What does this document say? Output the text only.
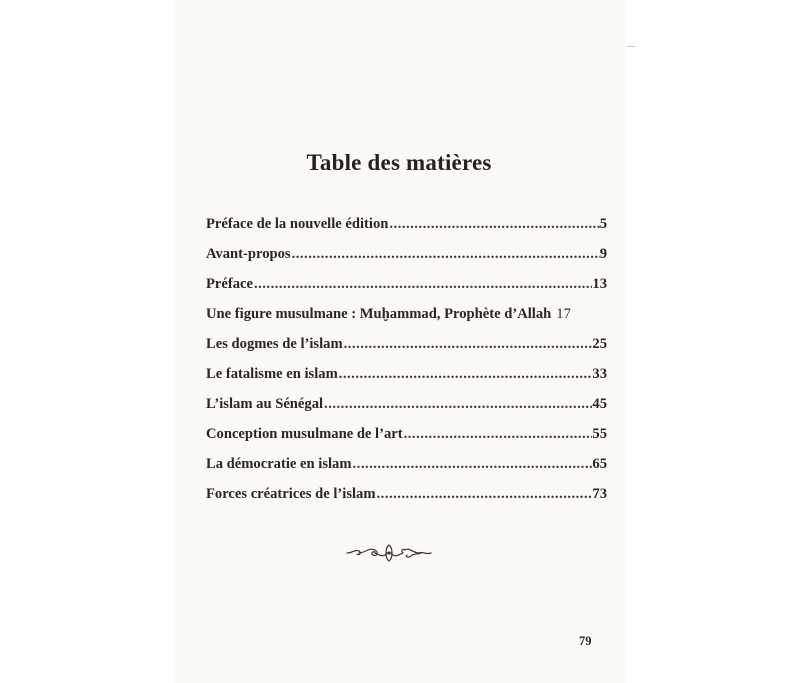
Table des matières
Préface de la nouvelle édition .....	5
Avant-propos .....	9
Préface .....	13
Une figure musulmane : Muḫammad, Prophète d’Allah 17
Les dogmes de l’islam .....	25
Le fatalisme en islam .....	33
L’islam au Sénégal .....	45
Conception musulmane de l’art .....	55
La démocratie en islam .....	65
Forces créatrices de l’islam .....	73
79
